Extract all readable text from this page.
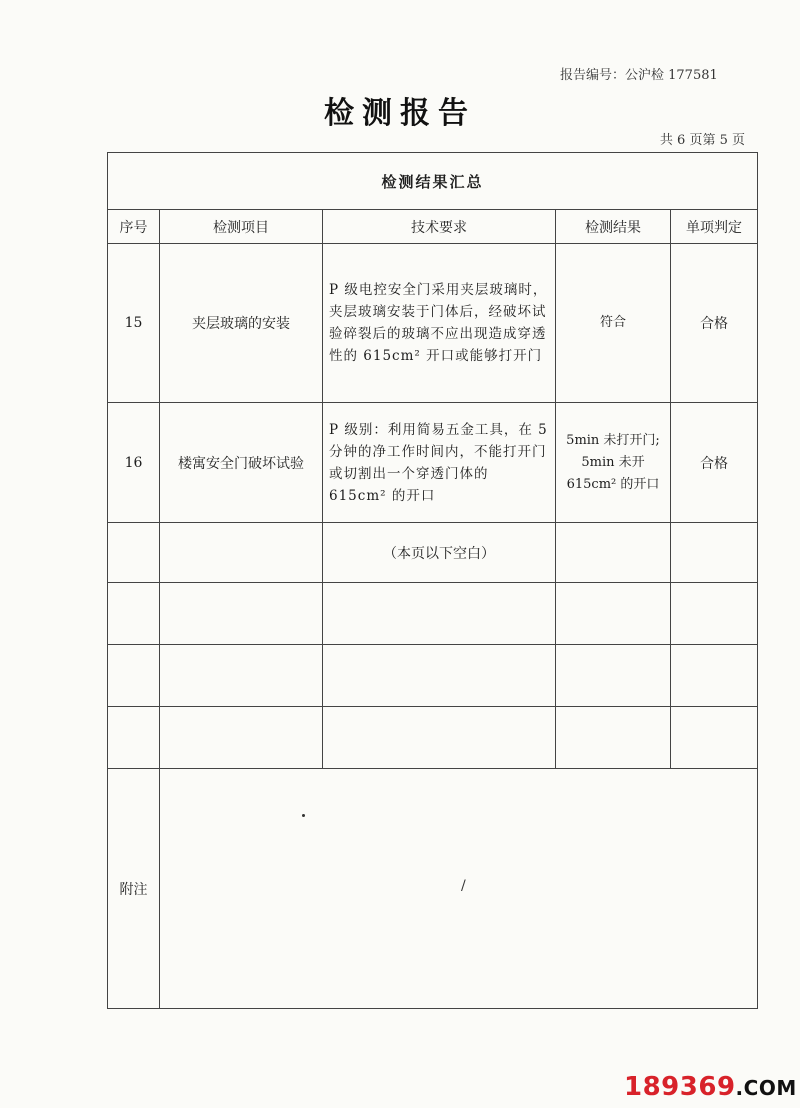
报告编号：公沪检 177581
检测报告
共 6 页第 5 页
检测结果汇总				
序号	检测项目	技术要求	检测结果	单项判定
15	夹层玻璃的安装	P 级电控安全门采用夹层玻璃时，夹层玻璃安装于门体后，经破坏试验碎裂后的玻璃不应出现造成穿透性的 615cm² 开口或能够打开门	符合	合格
16	楼寓安全门破坏试验	P 级别：利用简易五金工具，在 5 分钟的净工作时间内，不能打开门或切割出一个穿透门体的 615cm² 的开口	5min 未打开门; 5min 未开 615cm² 的开口	合格
		（本页以下空白）		

附注					/
189369.COM
